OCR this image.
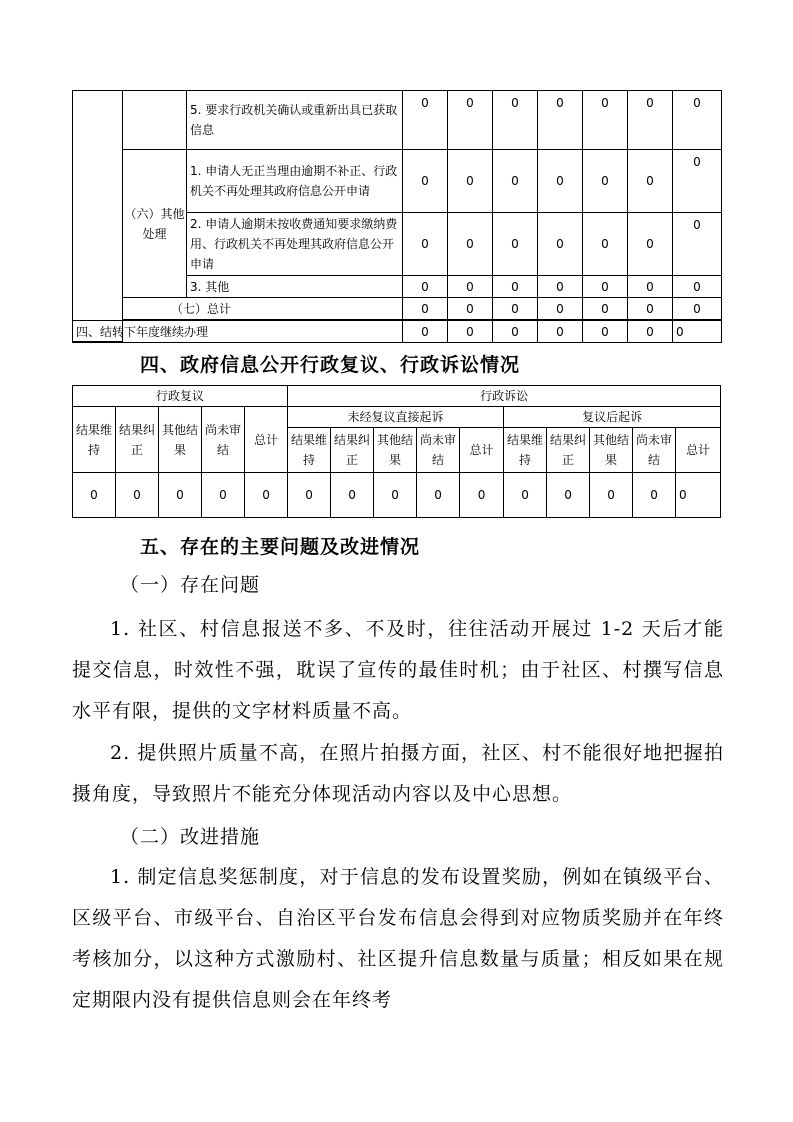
		5. 要求行政机关确认或重新出具已获取信息	0	0	0	0	0	0	0
	（六）其他处理	1. 申请人无正当理由逾期不补正、行政机关不再处理其政府信息公开申请	0	0	0	0	0	0	0
		2. 申请人逾期未按收费通知要求缴纳费用、行政机关不再处理其政府信息公开申请	0	0	0	0	0	0	0
		3. 其他	0	0	0	0	0	0	0
	（七）总计		0	0	0	0	0	0	0

四、结转下年度继续办理	0	0	0	0	0	0	0
四、政府信息公开行政复议、行政诉讼情况
行政复议					行政诉讼									
结果维持	结果纠正	其他结果	尚未审结	总计	未经复议直接起诉					复议后起诉				
					结果维持	结果纠正	其他结果	尚未审结	总计	结果维持	结果纠正	其他结果	尚未审结	总计
0	0	0	0	0	0	0	0	0	0	0	0	0	0	0
五、存在的主要问题及改进情况

（一）存在问题

1. 社区、村信息报送不多、不及时，往往活动开展过 1-2 天后才能提交信息，时效性不强，耽误了宣传的最佳时机；由于社区、村撰写信息水平有限，提供的文字材料质量不高。

2. 提供照片质量不高，在照片拍摄方面，社区、村不能很好地把握拍摄角度，导致照片不能充分体现活动内容以及中心思想。

（二）改进措施

1. 制定信息奖惩制度，对于信息的发布设置奖励，例如在镇级平台、区级平台、市级平台、自治区平台发布信息会得到对应物质奖励并在年终考核加分，以这种方式激励村、社区提升信息数量与质量；相反如果在规定期限内没有提供信息则会在年终考
